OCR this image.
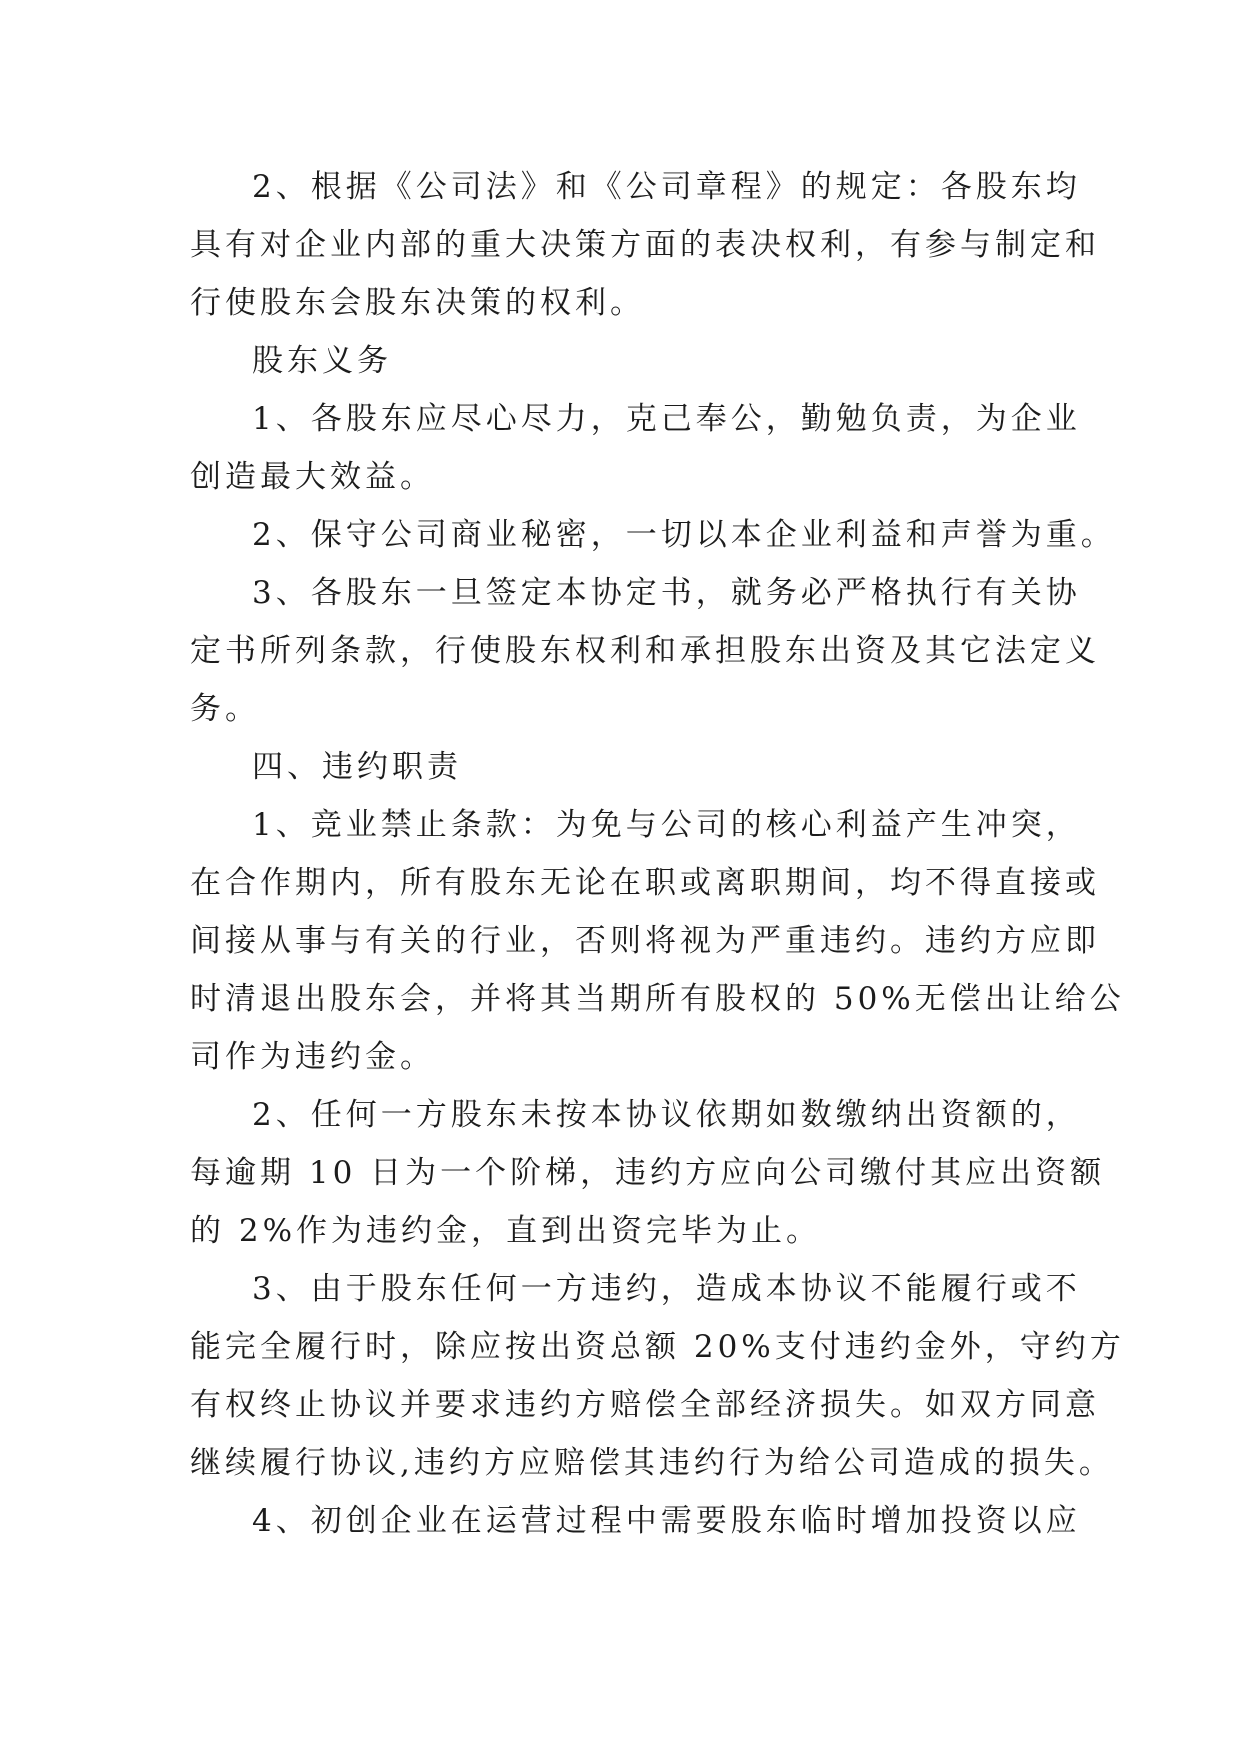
2、根据《公司法》和《公司章程》的规定：各股东均
具有对企业内部的重大决策方面的表决权利，有参与制定和
行使股东会股东决策的权利。

股东义务

1、各股东应尽心尽力，克己奉公，勤勉负责，为企业
创造最大效益。

2、保守公司商业秘密，一切以本企业利益和声誉为重。

3、各股东一旦签定本协定书，就务必严格执行有关协
定书所列条款，行使股东权利和承担股东出资及其它法定义
务。

四、违约职责

1、竞业禁止条款：为免与公司的核心利益产生冲突，
在合作期内，所有股东无论在职或离职期间，均不得直接或
间接从事与有关的行业，否则将视为严重违约。违约方应即
时清退出股东会，并将其当期所有股权的 50%无偿出让给公
司作为违约金。

2、任何一方股东未按本协议依期如数缴纳出资额的，
每逾期 10 日为一个阶梯，违约方应向公司缴付其应出资额
的 2%作为违约金，直到出资完毕为止。

3、由于股东任何一方违约，造成本协议不能履行或不
能完全履行时，除应按出资总额 20%支付违约金外，守约方
有权终止协议并要求违约方赔偿全部经济损失。如双方同意
继续履行协议,违约方应赔偿其违约行为给公司造成的损失。

4、初创企业在运营过程中需要股东临时增加投资以应
